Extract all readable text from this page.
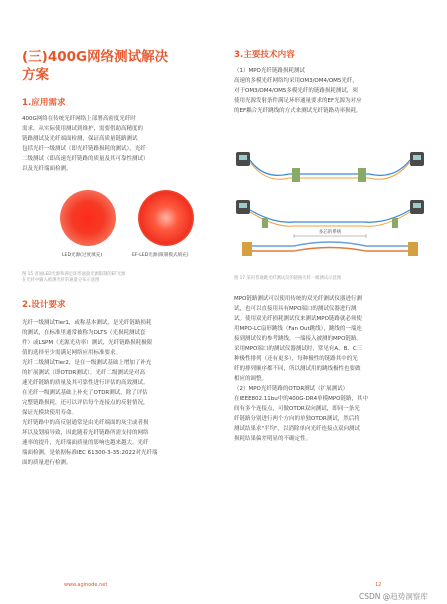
(三)400G网络测试解决
方案
1.应用需求

400G网络在传统光纤网络上部署高密度光纤时

需求，从实际使用测试到维护，需要借助高精度的

链路测试及光纤端面检测，保证高质量链路测试

包括光纤一级测试（即光纤链路损耗的测试），光纤

二级测试（即高速光纤链路的质量及其可靠性测试）

以及光纤端面检测。

LED光源(过度填充)	EF-LED光源(限制模式填充)

图 15 普通LED光源和满足环形通量光源限制的EF光源

在光纤中输入被测光纤的通量分布示意图

2.设计要求

光纤一级测试Tier1，或称基本测试，是光纤链路损耗

的测试，在标准里通常被称为OLTS（光损耗测试套

件）或LSPM（光源光功率）测试，光纤链路损耗极限

值的选择至少需满足网络应用标准要求。

光纤二级测试Tier2，是在一级测试基础上增加了补充

的扩展测试（即OTDR测试），光纤二级测试是对高

速光纤链路的质量及其可靠性进行评估的高效测试。

在光纤一级测试基础上补充了OTDR测试，除了评估

完整链路损耗，还可以评估每个连接点的反射情况，

保证光模块使用寿命。

光纤链路中的高反射通常是由光纤端面的灰尘或者损

坏以及划痕导致，因此随着光纤链路所需支持的网络

速率的提升，光纤端面质量的影响也越来越大。光纤

端面检测，是依据标准IEC 61300-3-35:2022对光纤端

面的质量进行检测。

3.主要技术内容

（1）MPO光纤链路损耗测试

高速的多模光纤网络均采用OM3/OM4/OM5光纤，

对于OM3/OM4/OM5多模光纤的链路损耗测试，须

使用光源发射条件满足环形通量要求的EF光源为对应

的EF耦合光纤跳线的方式来测试光纤链路功率损耗。

多芯的系统

图 17 采用普通跳光纤测试仪的链路光纤一级测试示意图

MPO链路测试可以使用传统的双光纤测试仪器进行测

试，也可以直接用具有MPO端口的测试仪器进行测

试。使用双光纤损耗测试仪来测试MPO链路就必须使

用MPO-LC扇形跳线（Fan Out跳线），跳线的一端连

接到测试仪的参考跳线，一端接入被测的MPO链路。

采用MPO端口的测试仪器测试时，常见有A、B、C三

种极性排列（还有更多），每种极性的链路其中的光

纤的排列顺序都不同，所以测试用的跳线极性也要做

相应的调整。

（2）MPO光纤链路的OTDR测试（扩展测试）

在IEEE802.11bu中的400G-DR4单模MPO链路，其中

间有多个连接点，可做OTDR双向测试，即同一条光

纤链路分别进行两个方向的单独OTDR测试，然后将

测试结果求"平均"，以消除单向光纤连接点双向测试

损耗结果偏差明显的不确定性。

www.aginode.net	12
CSDN @趋势洞察库
